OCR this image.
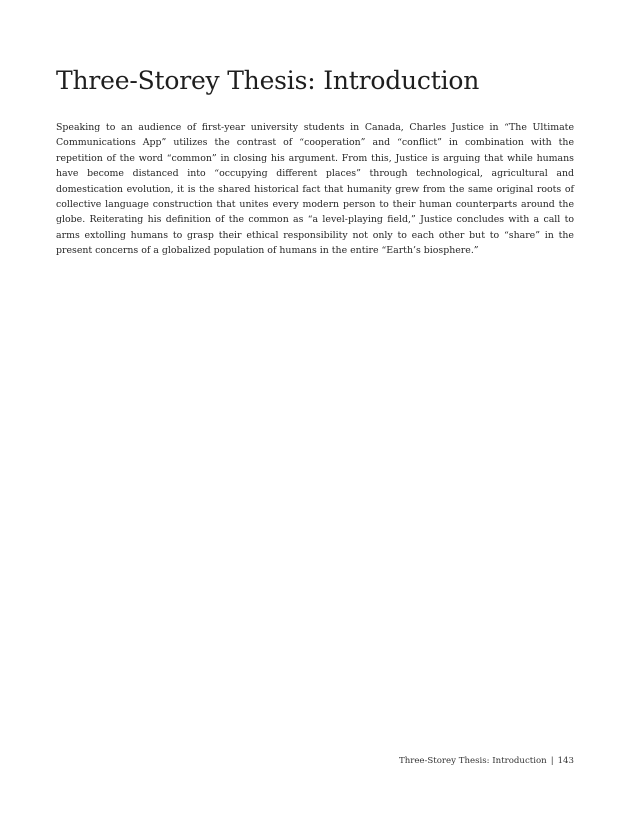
Three-Storey Thesis: Introduction

Speaking to an audience of first-year university students in Canada, Charles Justice in “The Ultimate Communications App” utilizes the contrast of “cooperation” and “conflict” in combination with the repetition of the word “common” in closing his argument. From this, Justice is arguing that while humans have become distanced into “occupying different places” through technological, agricultural and domestication evolution, it is the shared historical fact that humanity grew from the same original roots of collective language construction that unites every modern person to their human counterparts around the globe. Reiterating his definition of the common as “a level-playing field,” Justice concludes with a call to arms extolling humans to grasp their ethical responsibility not only to each other but to “share” in the present concerns of a globalized population of humans in the entire “Earth’s biosphere.”

Three-Storey Thesis: Introduction | 143
